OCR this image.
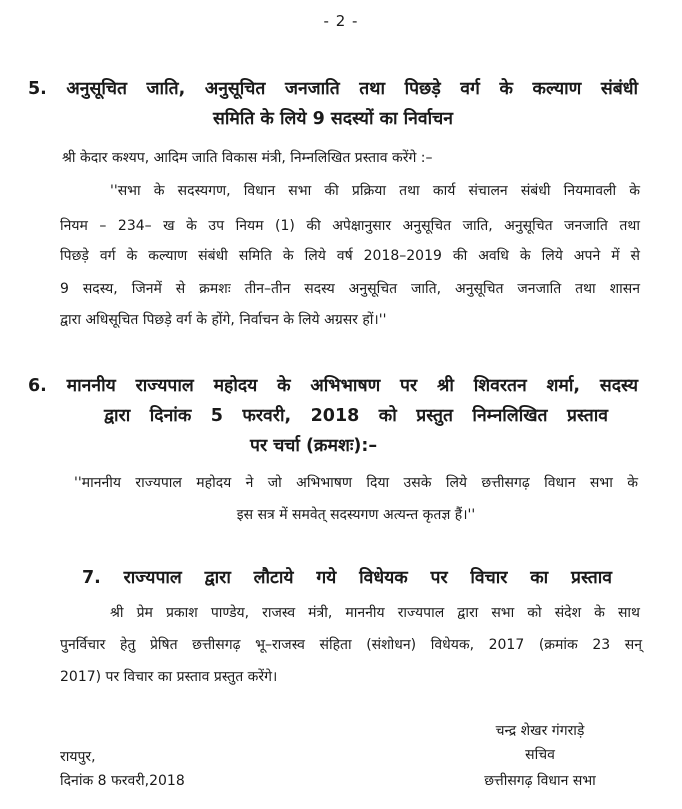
- 2 -
5. अनुसूचित जाति, अनुसूचित जनजाति तथा पिछड़े वर्ग के कल्याण संबंधी
समिति के लिये 9 सदस्यों का निर्वाचन
श्री केदार कश्यप, आदिम जाति विकास मंत्री, निम्नलिखित प्रस्ताव करेंगे :–
''सभा के सदस्यगण, विधान सभा की प्रक्रिया तथा कार्य संचालन संबंधी नियमावली के
नियम – 234– ख के उप नियम (1) की अपेक्षानुसार अनुसूचित जाति, अनुसूचित जनजाति तथा
पिछड़े वर्ग के कल्याण संबंधी समिति के लिये वर्ष 2018–2019 की अवधि के लिये अपने में से
9 सदस्य, जिनमें से क्रमशः तीन–तीन सदस्य अनुसूचित जाति, अनुसूचित जनजाति तथा शासन
द्वारा अधिसूचित पिछड़े वर्ग के होंगे, निर्वाचन के लिये अग्रसर हों।''
6. माननीय राज्यपाल महोदय के अभिभाषण पर श्री शिवरतन शर्मा, सदस्य
द्वारा दिनांक 5 फरवरी, 2018 को प्रस्तुत निम्नलिखित प्रस्ताव
पर चर्चा (क्रमशः):–
''माननीय राज्यपाल महोदय ने जो अभिभाषण दिया उसके लिये छत्तीसगढ़ विधान सभा के
इस सत्र में समवेत् सदस्यगण अत्यन्त कृतज्ञ हैं।''
7. राज्यपाल द्वारा लौटाये गये विधेयक पर विचार का प्रस्ताव
श्री प्रेम प्रकाश पाण्डेय, राजस्व मंत्री, माननीय राज्यपाल द्वारा सभा को संदेश के साथ
पुनर्विचार हेतु प्रेषित छत्तीसगढ़ भू–राजस्व संहिता (संशोधन) विधेयक, 2017 (क्रमांक 23 सन्
2017) पर विचार का प्रस्ताव प्रस्तुत करेंगे।
चन्द्र शेखर गंगराड़े
सचिव
छत्तीसगढ़ विधान सभा
रायपुर,
दिनांक 8 फरवरी,2018
